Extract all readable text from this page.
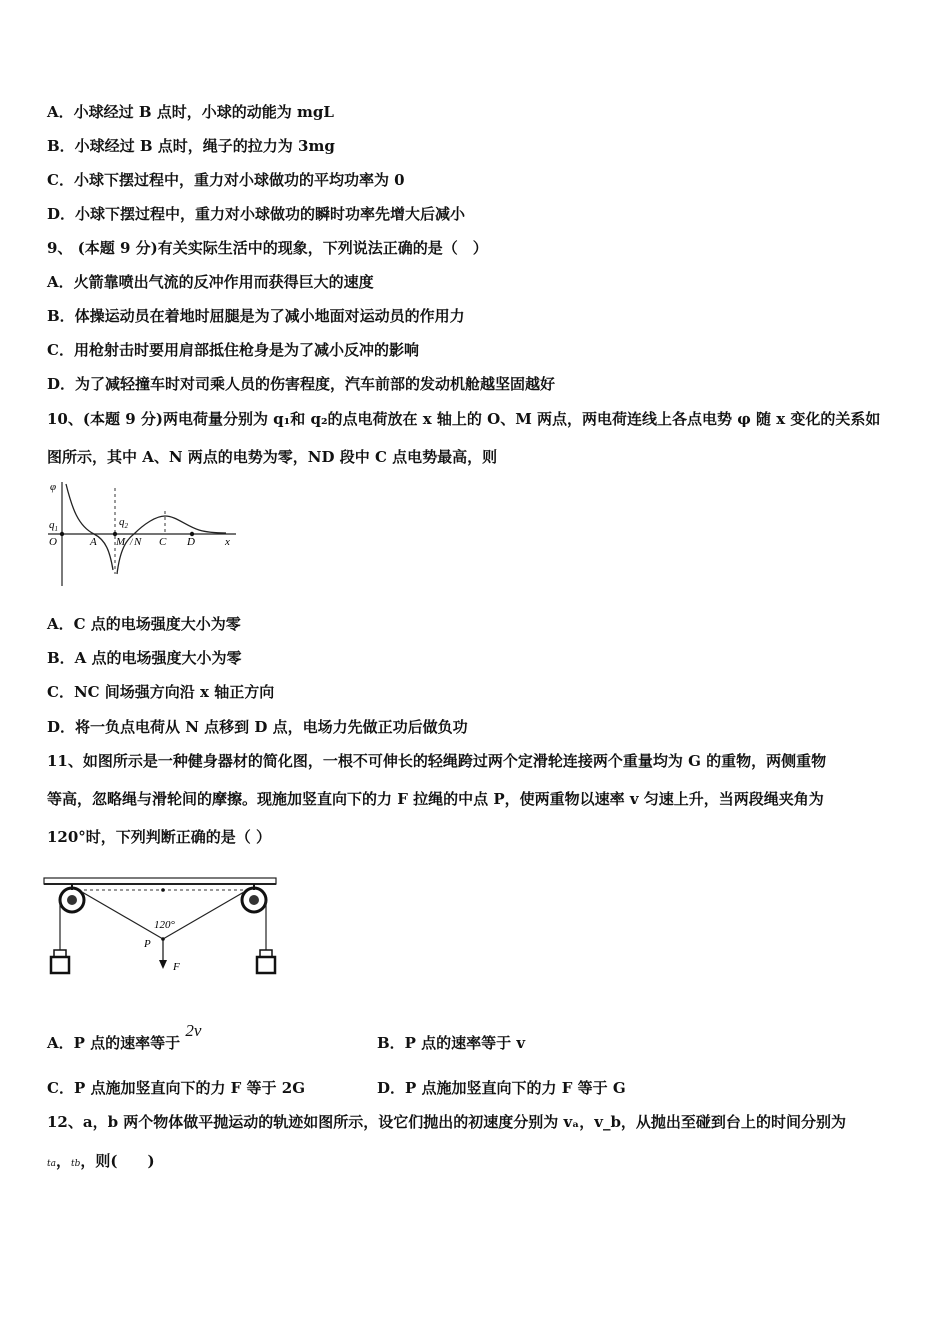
A．小球经过 B 点时，小球的动能为 mgL
B．小球经过 B 点时，绳子的拉力为 3mg
C．小球下摆过程中，重力对小球做功的平均功率为 0
D．小球下摆过程中，重力对小球做功的瞬时功率先增大后减小
9、 (本题 9 分)有关实际生活中的现象，下列说法正确的是（　）
A．火箭靠喷出气流的反冲作用而获得巨大的速度
B．体操运动员在着地时屈腿是为了减小地面对运动员的作用力
C．用枪射击时要用肩部抵住枪身是为了减小反冲的影响
D．为了减轻撞车时对司乘人员的伤害程度，汽车前部的发动机舱越坚固越好
10、(本题 9 分)两电荷量分别为 q₁和 q₂的点电荷放在 x 轴上的 O、M 两点，两电荷连线上各点电势 φ 随 x 变化的关系如
图所示，其中 A、N 两点的电势为零，ND 段中 C 点电势最高，则
φ
$q_1$
$q_2$
O	A M / N C D	x
A．C 点的电场强度大小为零
B．A 点的电场强度大小为零
C．NC 间场强方向沿 x 轴正方向
D．将一负点电荷从 N 点移到 D 点，电场力先做正功后做负功
11、如图所示是一种健身器材的简化图，一根不可伸长的轻绳跨过两个定滑轮连接两个重量均为 G 的重物，两侧重物
等高，忽略绳与滑轮间的摩擦。现施加竖直向下的力 F 拉绳的中点 P，使两重物以速率 v 匀速上升，当两段绳夹角为
120°时，下列判断正确的是（ ）
120°
P
F
A．P 点的速率等于 2v
B．P 点的速率等于 v
C．P 点施加竖直向下的力 F 等于 2G	D．P 点施加竖直向下的力 F 等于 G
12、a，b 两个物体做平抛运动的轨迹如图所示，设它们抛出的初速度分别为 vₐ，v_b，从抛出至碰到台上的时间分别为
ta，tb，则(　　)
